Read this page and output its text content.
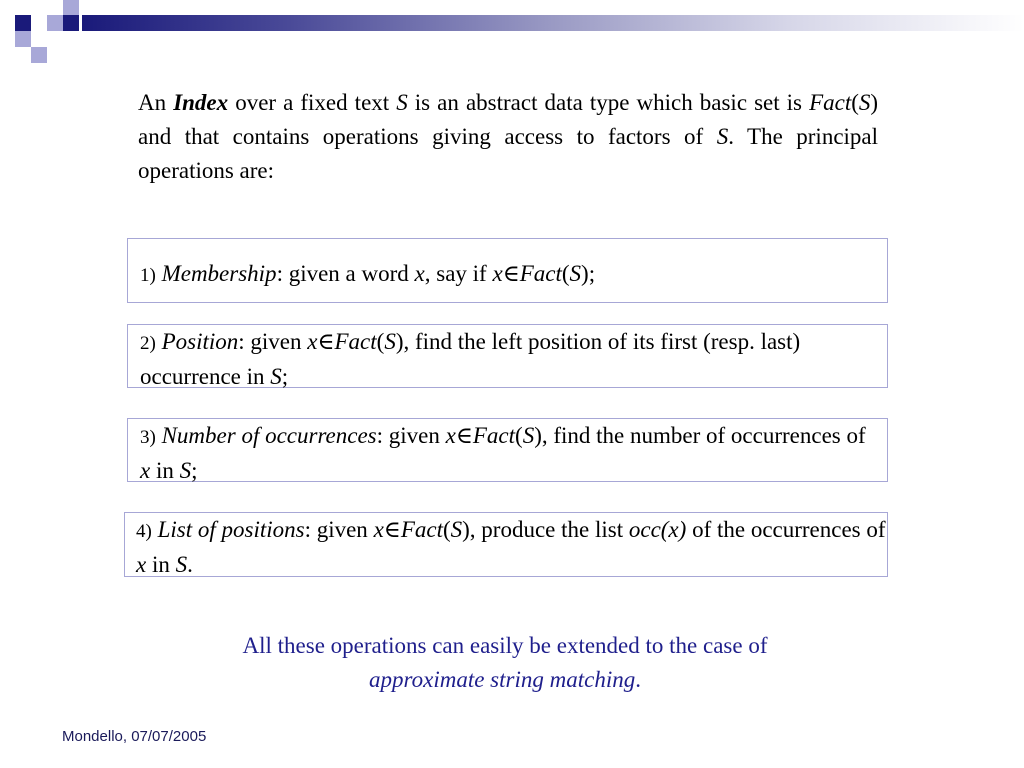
An Index over a fixed text S is an abstract data type which basic set is Fact(S) and that contains operations giving access to factors of S. The principal operations are:
1) Membership: given a word x, say if x∈Fact(S);
2) Position: given x∈Fact(S), find the left position of its first (resp. last) occurrence in S;
3) Number of occurrences: given x∈Fact(S), find the number of occurrences of x in S;
4) List of positions: given x∈Fact(S), produce the list occ(x) of the occurrences of x in S.
All these operations can easily be extended to the case of
approximate string matching.
Mondello, 07/07/2005
